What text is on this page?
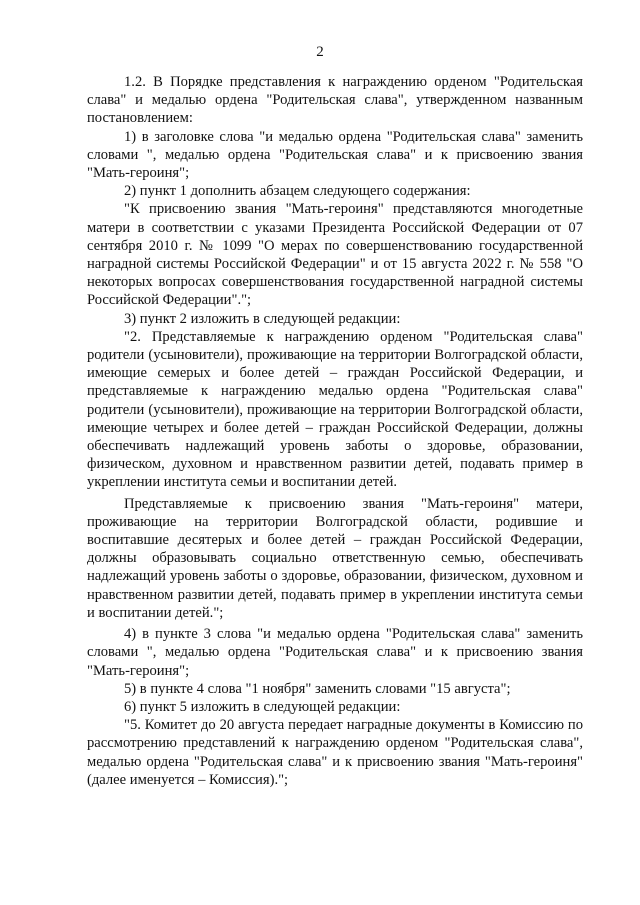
2

1.2. В Порядке представления к награждению орденом "Родительская слава" и медалью ордена "Родительская слава", утвержденном названным постановлением:

1) в заголовке слова "и медалью ордена "Родительская слава" заменить словами ", медалью ордена "Родительская слава" и к присвоению звания "Мать-героиня";

2) пункт 1 дополнить абзацем следующего содержания:

"К присвоению звания "Мать-героиня" представляются многодетные матери в соответствии с указами Президента Российской Федерации от 07 сентября 2010 г. № 1099 "О мерах по совершенствованию государственной наградной системы Российской Федерации" и от 15 августа 2022 г. № 558 "О некоторых вопросах совершенствования государственной наградной системы Российской Федерации".";

3) пункт 2 изложить в следующей редакции:

"2. Представляемые к награждению орденом "Родительская слава" родители (усыновители), проживающие на территории Волгоградской области, имеющие семерых и более детей – граждан Российской Федерации, и представляемые к награждению медалью ордена "Родительская слава" родители (усыновители), проживающие на территории Волгоградской области, имеющие четырех и более детей – граждан Российской Федерации, должны обеспечивать надлежащий уровень заботы о здоровье, образовании, физическом, духовном и нравственном развитии детей, подавать пример в укреплении института семьи и воспитании детей.

Представляемые к присвоению звания "Мать-героиня" матери, проживающие на территории Волгоградской области, родившие и воспитавшие десятерых и более детей – граждан Российской Федерации, должны образовывать социально ответственную семью, обеспечивать надлежащий уровень заботы о здоровье, образовании, физическом, духовном и нравственном развитии детей, подавать пример в укреплении института семьи и воспитании детей.";

4) в пункте 3 слова "и медалью ордена "Родительская слава" заменить словами ", медалью ордена "Родительская слава" и к присвоению звания "Мать-героиня";

5) в пункте 4 слова "1 ноября" заменить словами "15 августа";

6) пункт 5 изложить в следующей редакции:

"5. Комитет до 20 августа передает наградные документы в Комиссию по рассмотрению представлений к награждению орденом "Родительская слава", медалью ордена "Родительская слава" и к присвоению звания "Мать-героиня" (далее именуется – Комиссия).";
